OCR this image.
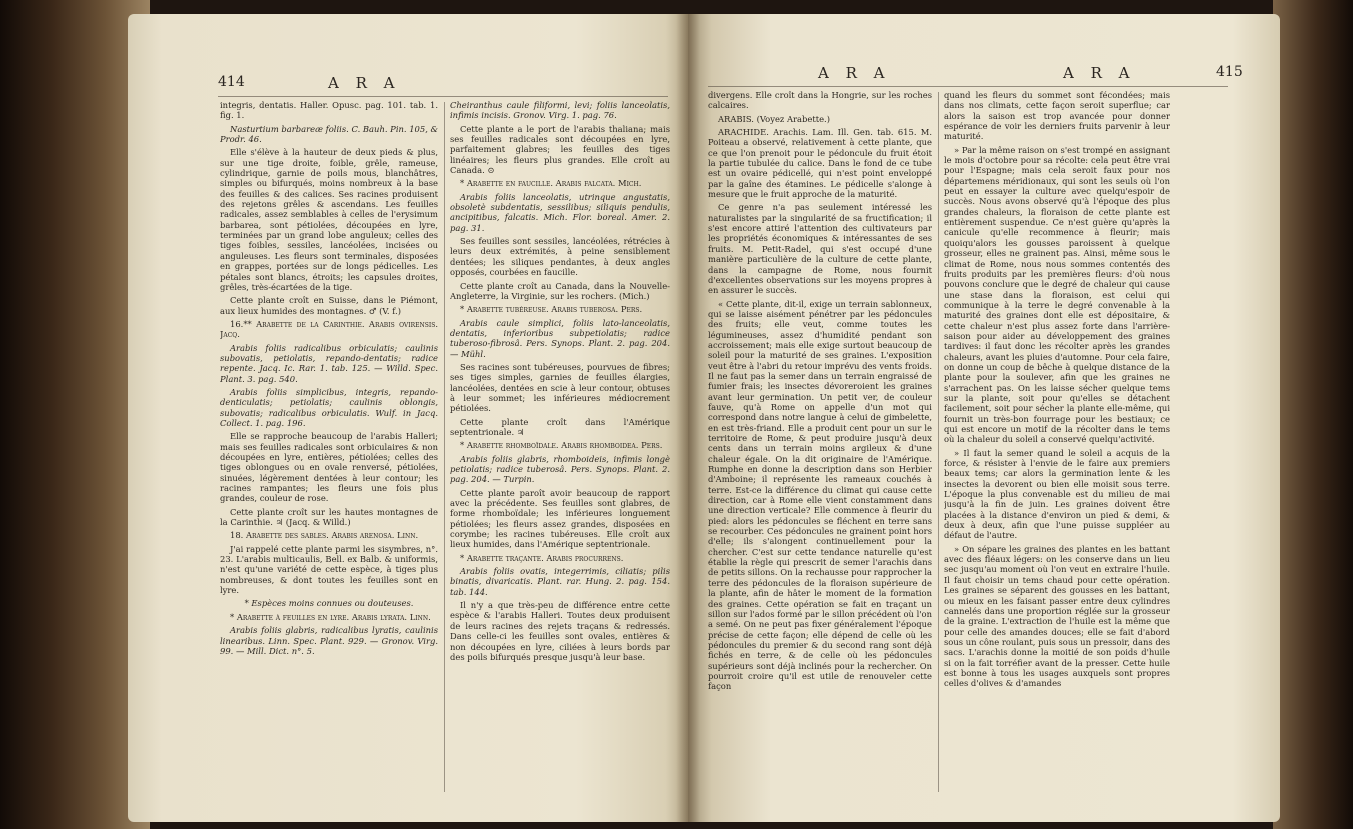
414	A R A

integris, dentatis. Haller. Opusc. pag. 101. tab. 1. fig. 1.

Nasturtium barbareæ foliis. C. Bauh. Pin. 105, & Prodr. 46.

Elle s'élève à la hauteur de deux pieds & plus, sur une tige droite, foible, grêle, rameuse, cylindrique, garnie de poils mous, blanchâtres, simples ou bifurqués, moins nombreux à la base des feuilles & des calices. Ses racines produisent des rejetons grêles & ascendans. Les feuilles radicales, assez semblables à celles de l'erysimum barbarea, sont pétiolées, découpées en lyre, terminées par un grand lobe anguleux; celles des tiges foibles, sessiles, lancéolées, incisées ou anguleuses. Les fleurs sont terminales, disposées en grappes, portées sur de longs pédicelles. Les pétales sont blancs, étroits; les capsules droites, grêles, très-écartées de la tige.

Cette plante croît en Suisse, dans le Piémont, aux lieux humides des montagnes. ♂ (V. f.)

16.** Arabette de la Carinthie. Arabis ovirensis. Jacq.

Arabis foliis radicalibus orbiculatis; caulinis subovatis, petiolatis, repando-dentatis; radice repente. Jacq. Ic. Rar. 1. tab. 125. — Willd. Spec. Plant. 3. pag. 540.

Arabis foliis simplicibus, integris, repando-denticulatis; petiolatis; caulinis oblongis, subovatis; radicalibus orbiculatis. Wulf. in Jacq. Collect. 1. pag. 196.

Elle se rapproche beaucoup de l'arabis Halleri; mais ses feuilles radicales sont orbiculaires & non découpées en lyre, entières, pétiolées; celles des tiges oblongues ou en ovale renversé, pétiolées, sinuées, légèrement dentées à leur contour; les racines rampantes; les fleurs une fois plus grandes, couleur de rose.

Cette plante croît sur les hautes montagnes de la Carinthie. ♃ (Jacq. & Willd.)

18. Arabette des sables. Arabis arenosa. Linn.

J'ai rappelé cette plante parmi les sisymbres, n°. 23. L'arabis multicaulis, Bell. ex Balb. & uniformis, n'est qu'une variété de cette espèce, à tiges plus nombreuses, & dont toutes les feuilles sont en lyre.

* Espèces moins connues ou douteuses.

* Arabette à feuilles en lyre. Arabis lyrata. Linn.

Arabis foliis glabris, radicalibus lyratis, caulinis linearibus. Linn. Spec. Plant. 929. — Gronov. Virg. 99. — Mill. Dict. n°. 5.

Cheiranthus caule filiformi, levi; foliis lanceolatis, infimis incisis. Gronov. Virg. 1. pag. 76.

Cette plante a le port de l'arabis thaliana; mais ses feuilles radicales sont découpées en lyre, parfaitement glabres; les feuilles des tiges linéaires; les fleurs plus grandes. Elle croît au Canada. ⊙

* Arabette en faucille. Arabis falcata. Mich.

Arabis foliis lanceolatis, utrinque angustatis, obsoletè subdentatis, sessilibus; siliquis pendulis, ancipitibus, falcatis. Mich. Flor. boreal. Amer. 2. pag. 31.

Ses feuilles sont sessiles, lancéolées, rétrécies à leurs deux extrémités, à peine sensiblement dentées; les siliques pendantes, à deux angles opposés, courbées en faucille.

Cette plante croît au Canada, dans la Nouvelle-Angleterre, la Virginie, sur les rochers. (Mich.)

* Arabette tubéreuse. Arabis tuberosa. Pers.

Arabis caule simplici, foliis lato-lanceolatis, dentatis, inferioribus subpetiolatis; radice tuberoso-fibrosâ. Pers. Synops. Plant. 2. pag. 204. — Mühl.

Ses racines sont tubéreuses, pourvues de fibres; ses tiges simples, garnies de feuilles élargies, lancéolées, dentées en scie à leur contour, obtuses à leur sommet; les inférieures médiocrement pétiolées.

Cette plante croît dans l'Amérique septentrionale. ♃

* Arabette rhomboïdale. Arabis rhomboidea. Pers.

Arabis foliis glabris, rhomboideis, infimis longè petiolatis; radice tuberosâ. Pers. Synops. Plant. 2. pag. 204. — Turpin.

Cette plante paroît avoir beaucoup de rapport avec la précédente. Ses feuilles sont glabres, de forme rhomboïdale; les inférieures longuement pétiolées; les fleurs assez grandes, disposées en corymbe; les racines tubéreuses. Elle croît aux lieux humides, dans l'Amérique septentrionale.

* Arabette traçante. Arabis procurrens.

Arabis foliis ovatis, integerrimis, ciliatis; pilis binatis, divaricatis. Plant. rar. Hung. 2. pag. 154. tab. 144.

Il n'y a que très-peu de différence entre cette espèce & l'arabis Halleri. Toutes deux produisent de leurs racines des rejets traçans & redressés. Dans celle-ci les feuilles sont ovales, entières & non découpées en lyre, ciliées à leurs bords par des poils bifurqués presque jusqu'à leur base.

A R A	A R A	415

divergens. Elle croît dans la Hongrie, sur les roches calcaires.

ARABIS. (Voyez Arabette.)

ARACHIDE. Arachis. Lam. Ill. Gen. tab. 615. M. Poiteau a observé, relativement à cette plante, que ce que l'on prenoit pour le pédoncule du fruit étoit la partie tubulée du calice. Dans le fond de ce tube est un ovaire pédicellé, qui n'est point enveloppé par la gaîne des étamines. Le pédicelle s'alonge à mesure que le fruit approche de la maturité.

Ce genre n'a pas seulement intéressé les naturalistes par la singularité de sa fructification; il s'est encore attiré l'attention des cultivateurs par les propriétés économiques & intéressantes de ses fruits. M. Petit-Radel, qui s'est occupé d'une manière particulière de la culture de cette plante, dans la campagne de Rome, nous fournit d'excellentes observations sur les moyens propres à en assurer le succès.

« Cette plante, dit-il, exige un terrain sablonneux, qui se laisse aisément pénétrer par les pédoncules des fruits; elle veut, comme toutes les légumineuses, assez d'humidité pendant son accroissement; mais elle exige surtout beaucoup de soleil pour la maturité de ses graines. L'exposition veut être à l'abri du retour imprévu des vents froids. Il ne faut pas la semer dans un terrain engraissé de fumier frais; les insectes dévoreroient les graines avant leur germination. Un petit ver, de couleur fauve, qu'à Rome on appelle d'un mot qui correspond dans notre langue à celui de gimbelette, en est très-friand. Elle a produit cent pour un sur le territoire de Rome, & peut produire jusqu'à deux cents dans un terrain moins argileux & d'une chaleur égale. On la dit originaire de l'Amérique. Rumphe en donne la description dans son Herbier d'Amboine; il représente les rameaux couchés à terre. Est-ce la différence du climat qui cause cette direction, car à Rome elle vient constamment dans une direction verticale? Elle commence à fleurir du pied: alors les pédoncules se fléchent en terre sans se recourber. Ces pédoncules ne grainent point hors d'elle; ils s'alongent continuellement pour la chercher. C'est sur cette tendance naturelle qu'est établie la règle qui prescrit de semer l'arachis dans de petits sillons. On la rechausse pour rapprocher la terre des pédoncules de la floraison supérieure de la plante, afin de hâter le moment de la formation des graines. Cette opération se fait en traçant un sillon sur l'ados formé par le sillon précédent où l'on a semé. On ne peut pas fixer généralement l'époque précise de cette façon; elle dépend de celle où les pédoncules du premier & du second rang sont déjà fichés en terre, & de celle où les pédoncules supérieurs sont déjà inclinés pour la rechercher. On pourroit croire qu'il est utile de renouveler cette façon

quand les fleurs du sommet sont fécondées; mais dans nos climats, cette façon seroit superflue; car alors la saison est trop avancée pour donner espérance de voir les derniers fruits parvenir à leur maturité.

» Par la même raison on s'est trompé en assignant le mois d'octobre pour sa récolte: cela peut être vrai pour l'Espagne; mais cela seroit faux pour nos départemens méridionaux, qui sont les seuls où l'on peut en essayer la culture avec quelqu'espoir de succès. Nous avons observé qu'à l'époque des plus grandes chaleurs, la floraison de cette plante est entièrement suspendue. Ce n'est guère qu'après la canicule qu'elle recommence à fleurir; mais quoiqu'alors les gousses paroissent à quelque grosseur, elles ne grainent pas. Ainsi, même sous le climat de Rome, nous nous sommes contentés des fruits produits par les premières fleurs: d'où nous pouvons conclure que le degré de chaleur qui cause une stase dans la floraison, est celui qui communique à la terre le degré convenable à la maturité des graines dont elle est dépositaire, & cette chaleur n'est plus assez forte dans l'arrière-saison pour aider au développement des graines tardives: il faut donc les récolter après les grandes chaleurs, avant les pluies d'automne. Pour cela faire, on donne un coup de bêche à quelque distance de la plante pour la soulever, afin que les graines ne s'arrachent pas. On les laisse sécher quelque tems sur la plante, soit pour qu'elles se détachent facilement, soit pour sécher la plante elle-même, qui fournit un très-bon fourrage pour les bestiaux; ce qui est encore un motif de la récolter dans le tems où la chaleur du soleil a conservé quelqu'activité.

» Il faut la semer quand le soleil a acquis de la force, & résister à l'envie de le faire aux premiers beaux tems; car alors la germination lente & les insectes la devorent ou bien elle moisit sous terre. L'époque la plus convenable est du milieu de mai jusqu'à la fin de juin. Les graines doivent être placées à la distance d'environ un pied & demi, & deux à deux, afin que l'une puisse suppléer au défaut de l'autre.

» On sépare les graines des plantes en les battant avec des fléaux légers: on les conserve dans un lieu sec jusqu'au moment où l'on veut en extraire l'huile. Il faut choisir un tems chaud pour cette opération. Les graines se séparent des gousses en les battant, ou mieux en les faisant passer entre deux cylindres cannelés dans une proportion réglée sur la grosseur de la graine. L'extraction de l'huile est la même que pour celle des amandes douces; elle se fait d'abord sous un cône roulant, puis sous un pressoir, dans des sacs. L'arachis donne la moitié de son poids d'huile si on la fait torréfier avant de la presser. Cette huile est bonne à tous les usages auxquels sont propres celles d'olives & d'amandes
